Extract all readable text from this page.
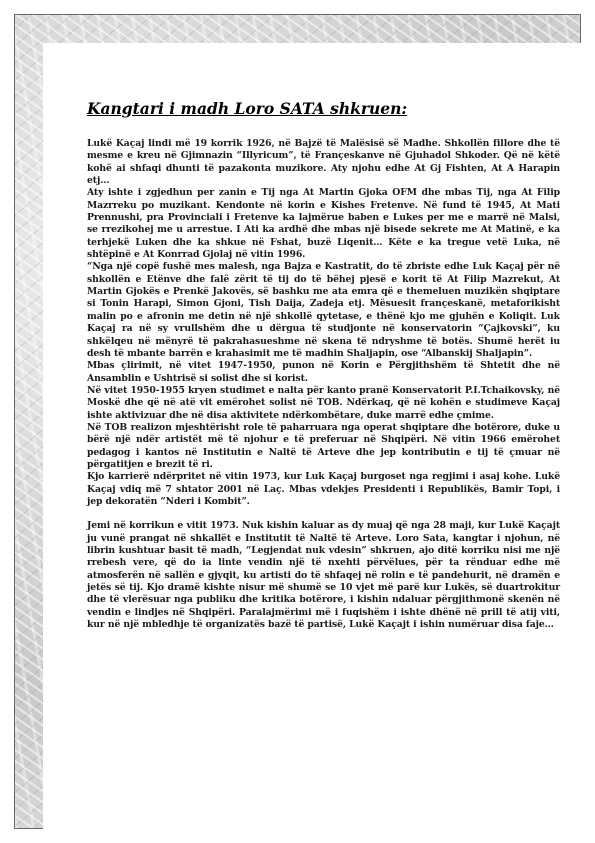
Kangtari i madh Loro SATA shkruen:

Lukë Kaçaj lindi më 19 korrik 1926, në Bajzë të Malësisë së Madhe. Shkollën fillore dhe të mesme e kreu në Gjimnazin “Illyricum”, të Françeskanve në Gjuhadol Shkoder. Që në këtë kohë ai shfaqi dhunti të pazakonta muzikore. Aty njohu edhe At Gj Fishten, At A Harapin etj…

Aty ishte i zgjedhun per zanin e Tij nga At Martin Gjoka OFM dhe mbas Tij, nga At Filip Mazrreku po muzikant. Kendonte në korin e Kishes Fretenve. Në fund të 1945, At Mati Prennushi, pra Provinciali i Fretenve ka lajmërue baben e Lukes per me e marrë në Malsi, se rrezikohej me u arrestue. I Ati ka ardhë dhe mbas një bisede sekrete me At Matinë, e ka terhjekë Luken dhe ka shkue në Fshat, buzë Liqenit… Këte e ka tregue vetë Luka, në shtëpinë e At Konrrad Gjolaj në vitin 1996.

“Nga një copë fushë mes malesh, nga Bajza e Kastratit, do të zbriste edhe Luk Kaçaj për në shkollën e Etënve dhe falë zërit të tij do të bëhej pjesë e korit të At Filip Mazrekut, At Martin Gjokës e Prenkë Jakovës, së bashku me ata emra që e themeluen muzikën shqiptare si Tonin Harapi, Simon Gjoni, Tish Daija, Zadeja etj. Mësuesit françeskanë, metaforikisht malin po e afronin me detin në një shkollë qytetase, e thënë kjo me gjuhën e Koliqit. Luk Kaçaj ra në sy vrullshëm dhe u dërgua të studjonte në konservatorin “Çajkovski”, ku shkëlqeu në mënyrë të pakrahasueshme në skena të ndryshme të botës. Shumë herët iu desh të mbante barrën e krahasimit me të madhin Shaljapin, ose “Albanskij Shaljapin”.

Mbas çlirimit, në vitet 1947-1950, punon në Korin e Përgjithshëm të Shtetit dhe në Ansamblin e Ushtrisë si solist dhe si korist.

Në vitet 1950-1955 kryen studimet e nalta për kanto pranë Konservatorit P.I.Tchaikovsky, në Moskë dhe që në atë vit emërohet solist në TOB. Ndërkaq, që në kohën e studimeve Kaçaj ishte aktivizuar dhe në disa aktivitete ndërkombëtare, duke marrë edhe çmime.

Në TOB realizon mjeshtërisht role të paharruara nga operat shqiptare dhe botërore, duke u bërë një ndër artistët më të njohur e të preferuar në Shqipëri. Në vitin 1966 emërohet pedagog i kantos në Institutin e Naltë të Arteve dhe jep kontributin e tij të çmuar në përgatitjen e brezit të ri.

Kjo karrierë ndërpritet në vitin 1973, kur Luk Kaçaj burgoset nga regjimi i asaj kohe. Lukë Kaçaj vdiq më 7 shtator 2001 në Laç. Mbas vdekjes Presidenti i Republikës, Bamir Topi, i jep dekoratën “Nderi i Kombit”.

Jemi në korrikun e vitit 1973. Nuk kishin kaluar as dy muaj që nga 28 maji, kur Lukë Kaçajt ju vunë prangat në shkallët e Institutit të Naltë të Arteve. Loro Sata, kangtar i njohun, në librin kushtuar basit të madh, “Legjendat nuk vdesin” shkruen, ajo ditë korriku nisi me një rrebesh vere, që do ia linte vendin një të nxehti përvëlues, për ta rënduar edhe më atmosferën në sallën e gjyqit, ku artisti do të shfaqej në rolin e të pandehurit, në dramën e jetës së tij. Kjo dramë kishte nisur më shumë se 10 vjet më parë kur Lukës, së duartrokitur dhe të vlerësuar nga publiku dhe kritika botërore, i kishin ndaluar përgjithmonë skenën në vendin e lindjes në Shqipëri. Paralajmërimi më i fuqishëm i ishte dhënë në prill të atij viti, kur në një mbledhje të organizatës bazë të partisë, Lukë Kaçajt i ishin numëruar disa faje…
